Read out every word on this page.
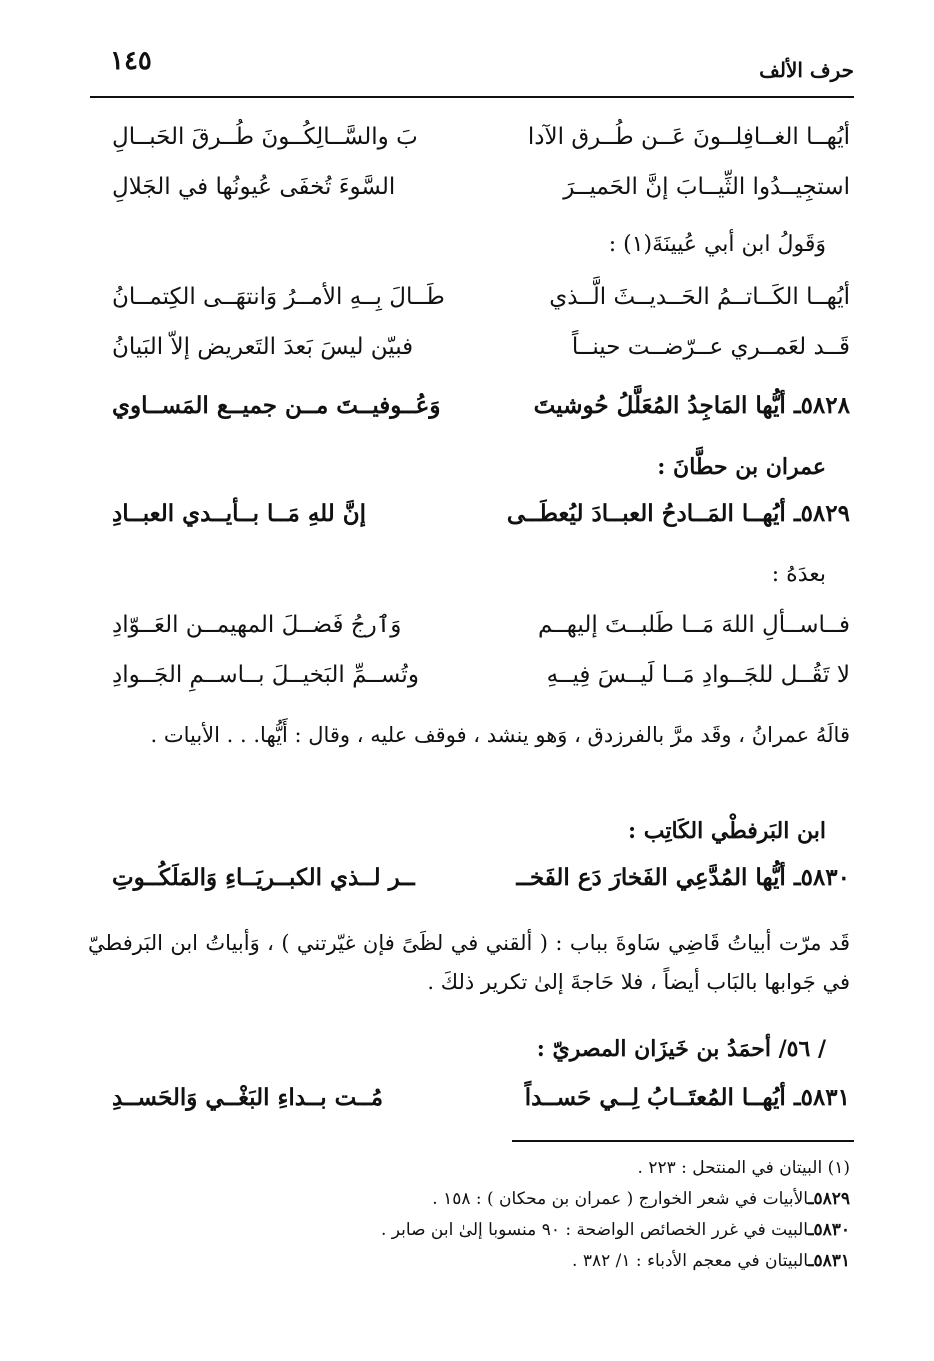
١٤٥	حرف الألف
أيُهــا الغــافِلــونَ عَــن طُــرق الآدا
بَ والسَّــالِكُــونَ طُــرقَ الحَبــالِ
استجِيــدُوا الثِّيــابَ إنَّ الحَميــرَ
السَّوءَ تُخفَى عُيونُها في الجَلالِ
وَقَولُ ابن أبي عُيينَةَ(١) :
أيُهــا الكَــاتــمُ الحَــديــثَ الَّــذي
طَــالَ بِــهِ الأمــرُ وَانتهَــى الكِتمــانُ
قَــد لعَمــري عــرّضــت حينــاً
فبيّن ليسَ بَعدَ التَعريض إلاّ البَيانُ
٥٨٢٨ـ أيُّها المَاجِدُ المُعَلَّلُ حُوشيتَ
وَعُــوفيــتَ مــن جميــع المَســاوي
عمران بن حطَّانَ :
٥٨٢٩ـ أيُهــا المَــادحُ العبــادَ ليُعطَــى
إنَّ للهِ مَــا بــأيــدي العبــادِ
بعدَهُ :
فــاســألِ اللهَ مَــا طَلبــتَ إليهــم
وَٱرجُ فَضــلَ المهيمــن العَــوّادِ
لا تَقُــل للجَــوادِ مَــا لَيــسَ فِيــهِ
وتُســمِّ البَخيــلَ بــاســمِ الجَــوادِ
قالَهُ عمرانُ ، وقَد مرَّ بالفرزدق ، وَهو ينشد ، فوقف عليه ، وقال : أَيُّها. . . الأبيات .
ابن البَرفطْي الكَاتِب :
٥٨٣٠ـ أيُّها المُدَّعِي الفَخارَ دَع الفَخــ
ــر لــذي الكبــريَــاءِ وَالمَلَكُــوتِ
قَد مرّت أبياتُ قَاضِي سَاوةَ بباب : ( ألقني في لظَىً فإن غيّرتني ) ، وَأبياتُ ابن البَرفطيّ في جَوابها بالبَاب أيضاً ، فلا حَاجةَ إلىٰ تكرير ذلكَ .
/ ٥٦/ أحمَدُ بن خَيزَان المصريّ :
٥٨٣١ـ أيُهــا المُعتَــابُ لِــي حَســداً
مُــت بــداءِ البَغْــي وَالحَســدِ
(١) البيتان في المنتحل : ٢٢٣ .
٥٨٢٩ـالأبيات في شعر الخوارج ( عمران بن محكان ) : ١٥٨ .
٥٨٣٠ـالبيت في غرر الخصائص الواضحة : ٩٠ منسوبا إلىٰ ابن صابر .
٥٨٣١ـالبيتان في معجم الأدباء : ١/ ٣٨٢ .
